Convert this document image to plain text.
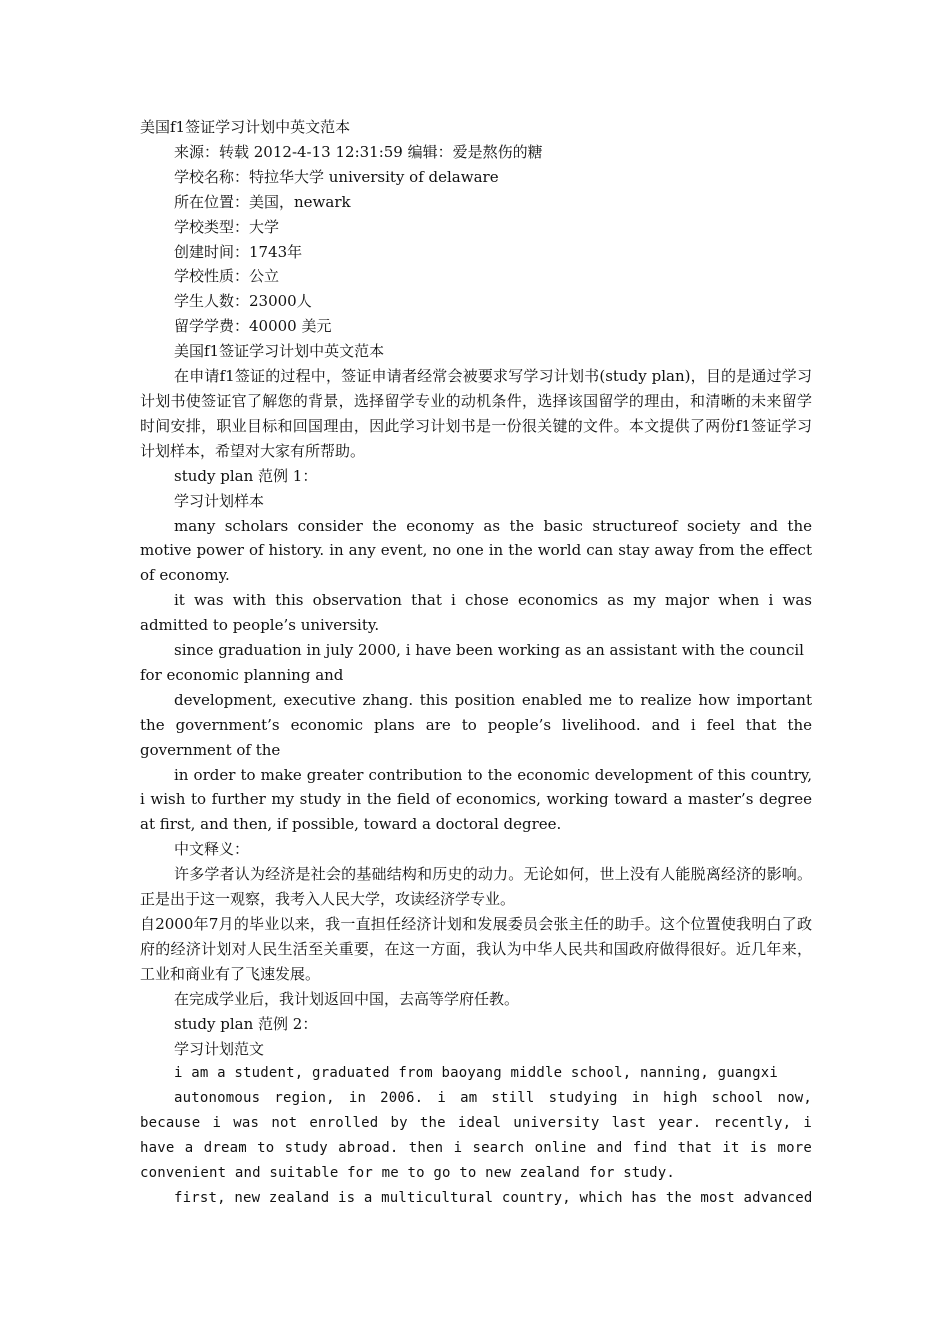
美国f1签证学习计划中英文范本

来源：转载 2012-4-13 12:31:59 编辑：爱是熬伤的糖

学校名称：特拉华大学 university of delaware

所在位置：美国，newark

学校类型：大学

创建时间：1743年

学校性质：公立

学生人数：23000人

留学学费：40000 美元

美国f1签证学习计划中英文范本

在申请f1签证的过程中，签证申请者经常会被要求写学习计划书(study plan)，目的是通过学习计划书使签证官了解您的背景，选择留学专业的动机条件，选择该国留学的理由，和清晰的未来留学时间安排，职业目标和回国理由，因此学习计划书是一份很关键的文件。本文提供了两份f1签证学习计划样本，希望对大家有所帮助。

study plan 范例 1：

学习计划样本

many scholars consider the economy as the basic structureof society and the motive power of history. in any event, no one in the world can stay away from the effect of economy.

it was with this observation that i chose economics as my major when i was admitted to people’s university.

since graduation in july 2000, i have been working as an assistant with the council

for economic planning and

development, executive zhang. this position enabled me to realize how important the government’s economic plans are to people’s livelihood. and i feel that the government of the

in order to make greater contribution to the economic development of this country, i wish to further my study in the field of economics, working toward a master’s degree at first, and then, if possible, toward a doctoral degree.

中文释义：

许多学者认为经济是社会的基础结构和历史的动力。无论如何，世上没有人能脱离经济的影响。正是出于这一观察，我考入人民大学，攻读经济学专业。

自2000年7月的毕业以来，我一直担任经济计划和发展委员会张主任的助手。这个位置使我明白了政府的经济计划对人民生活至关重要，在这一方面，我认为中华人民共和国政府做得很好。近几年来，工业和商业有了飞速发展。

在完成学业后，我计划返回中国，去高等学府任教。

study plan 范例 2：

学习计划范文

i am a student, graduated from baoyang middle school, nanning, guangxi

autonomous region, in 2006. i am still studying in high school now, because i was not enrolled by the ideal university last year. recently, i have a dream to study abroad. then i search online and find that it is more convenient and suitable for me to go to new zealand for study.

first, new zealand is a multicultural country, which has the most advanced
